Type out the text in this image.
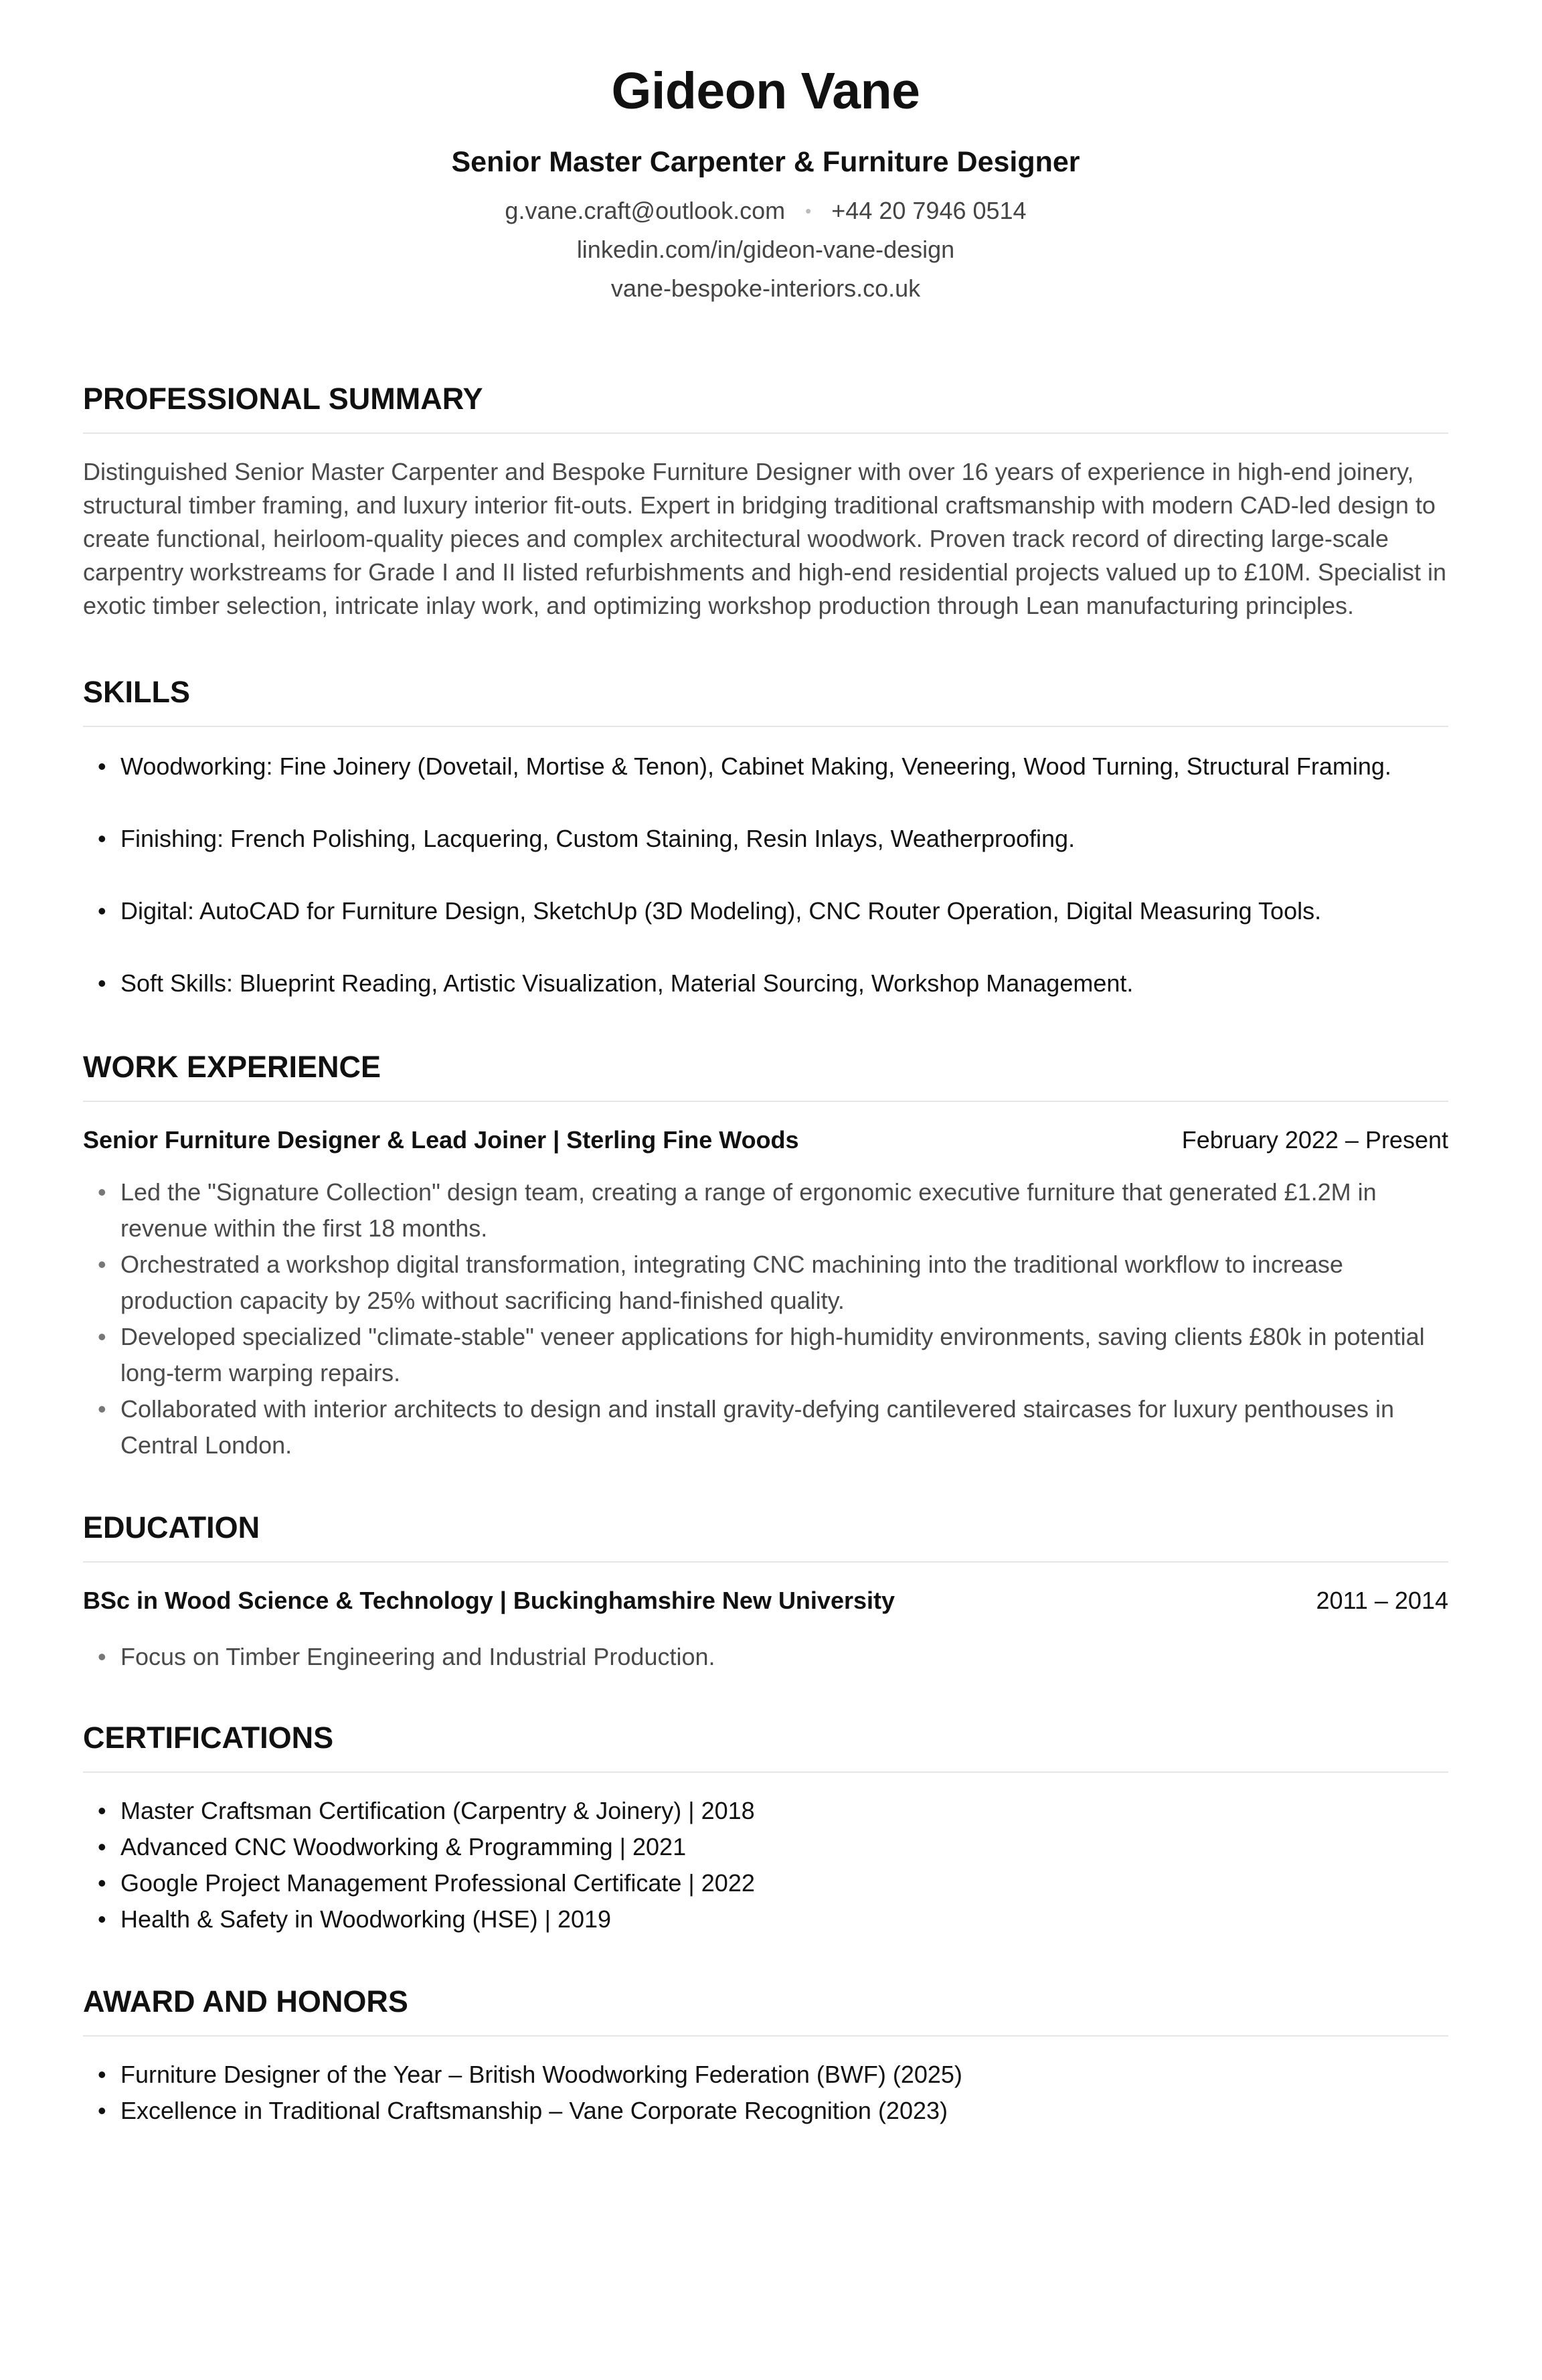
Gideon Vane
Senior Master Carpenter & Furniture Designer
g.vane.craft@outlook.com • +44 20 7946 0514
linkedin.com/in/gideon-vane-design
vane-bespoke-interiors.co.uk
PROFESSIONAL SUMMARY
Distinguished Senior Master Carpenter and Bespoke Furniture Designer with over 16 years of experience in high-end joinery, structural timber framing, and luxury interior fit-outs. Expert in bridging traditional craftsmanship with modern CAD-led design to create functional, heirloom-quality pieces and complex architectural woodwork. Proven track record of directing large-scale carpentry workstreams for Grade I and II listed refurbishments and high-end residential projects valued up to £10M. Specialist in exotic timber selection, intricate inlay work, and optimizing workshop production through Lean manufacturing principles.
SKILLS
• Woodworking: Fine Joinery (Dovetail, Mortise & Tenon), Cabinet Making, Veneering, Wood Turning, Structural Framing.
• Finishing: French Polishing, Lacquering, Custom Staining, Resin Inlays, Weatherproofing.
• Digital: AutoCAD for Furniture Design, SketchUp (3D Modeling), CNC Router Operation, Digital Measuring Tools.
• Soft Skills: Blueprint Reading, Artistic Visualization, Material Sourcing, Workshop Management.
WORK EXPERIENCE
Senior Furniture Designer & Lead Joiner | Sterling Fine Woods	February 2022 – Present
• Led the "Signature Collection" design team, creating a range of ergonomic executive furniture that generated £1.2M in revenue within the first 18 months.
• Orchestrated a workshop digital transformation, integrating CNC machining into the traditional workflow to increase production capacity by 25% without sacrificing hand-finished quality.
• Developed specialized "climate-stable" veneer applications for high-humidity environments, saving clients £80k in potential long-term warping repairs.
• Collaborated with interior architects to design and install gravity-defying cantilevered staircases for luxury penthouses in Central London.
EDUCATION
BSc in Wood Science & Technology | Buckinghamshire New University	2011 – 2014
• Focus on Timber Engineering and Industrial Production.
CERTIFICATIONS
• Master Craftsman Certification (Carpentry & Joinery) | 2018
• Advanced CNC Woodworking & Programming | 2021
• Google Project Management Professional Certificate | 2022
• Health & Safety in Woodworking (HSE) | 2019
AWARD AND HONORS
• Furniture Designer of the Year – British Woodworking Federation (BWF) (2025)
• Excellence in Traditional Craftsmanship – Vane Corporate Recognition (2023)
